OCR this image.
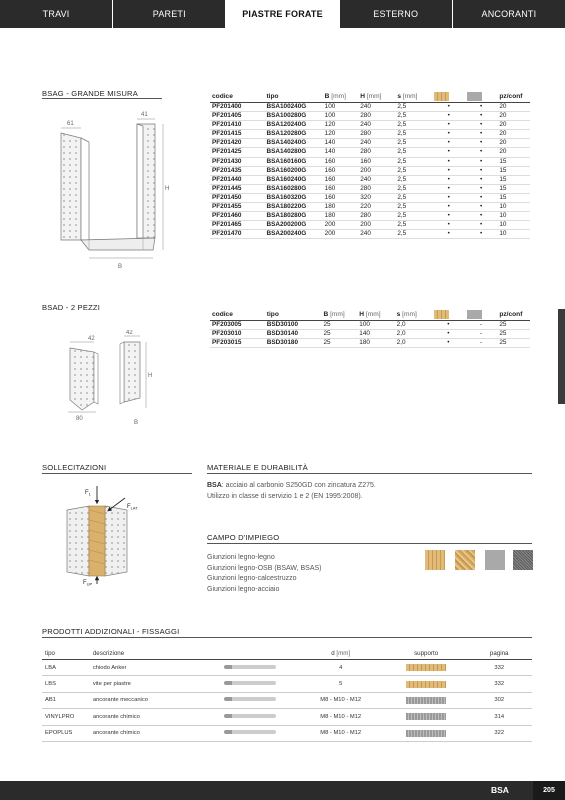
TRAVI	PARETI	PIASTRE FORATE	ESTERNO	ANCORANTI
BSAG - GRANDE MISURA
61
41
H
B
codice	tipo	B [mm]	H [mm]	s [mm]			pz/conf
PF201400	BSA100240G	100	240	2,5	•	•	20
PF201405	BSA100280G	100	280	2,5	•	•	20
PF201410	BSA120240G	120	240	2,5	•	•	20
PF201415	BSA120280G	120	280	2,5	•	•	20
PF201420	BSA140240G	140	240	2,5	•	•	20
PF201425	BSA140280G	140	280	2,5	•	•	20
PF201430	BSA160160G	160	160	2,5	•	•	15
PF201435	BSA160200G	160	200	2,5	•	•	15
PF201440	BSA160240G	160	240	2,5	•	•	15
PF201445	BSA160280G	160	280	2,5	•	•	15
PF201450	BSA160320G	160	320	2,5	•	•	15
PF201455	BSA180220G	180	220	2,5	•	•	10
PF201460	BSA180280G	180	280	2,5	•	•	10
PF201465	BSA200200G	200	200	2,5	•	•	10
PF201470	BSA200240G	200	240	2,5	•	•	10
BSAD - 2 PEZZI
42
42
H
80
B
codice	tipo	B [mm]	H [mm]	s [mm]			pz/conf
PF203005	BSD30100	25	100	2,0	•	-	25
PF203010	BSD30140	25	140	2,0	•	-	25
PF203015	BSD30180	25	180	2,0	•	-	25
SOLLECITAZIONI
$F_1$
$F_{LAT}$
$F_{UP}$
MATERIALE E DURABILITÀ
BSA: acciaio al carbonio S250GD con zincatura Z275.
Utilizzo in classe di servizio 1 e 2 (EN 1995:2008).
CAMPO D'IMPIEGO
Giunzioni legno-legno
Giunzioni legno-OSB (BSAW, BSAS)
Giunzioni legno-calcestruzzo
Giunzioni legno-acciaio
PRODOTTI ADDIZIONALI - FISSAGGI
tipo	descrizione		d [mm]	supporto	pagina
LBA	chiodo Anker		4		332
LBS	vite per piastre		5		332
AB1	ancorante meccanico		M8 - M10 - M12		302
VINYLPRO	ancorante chimico		M8 - M10 - M12		314
EPOPLUS	ancorante chimico		M8 - M10 - M12		322
BSA	205
